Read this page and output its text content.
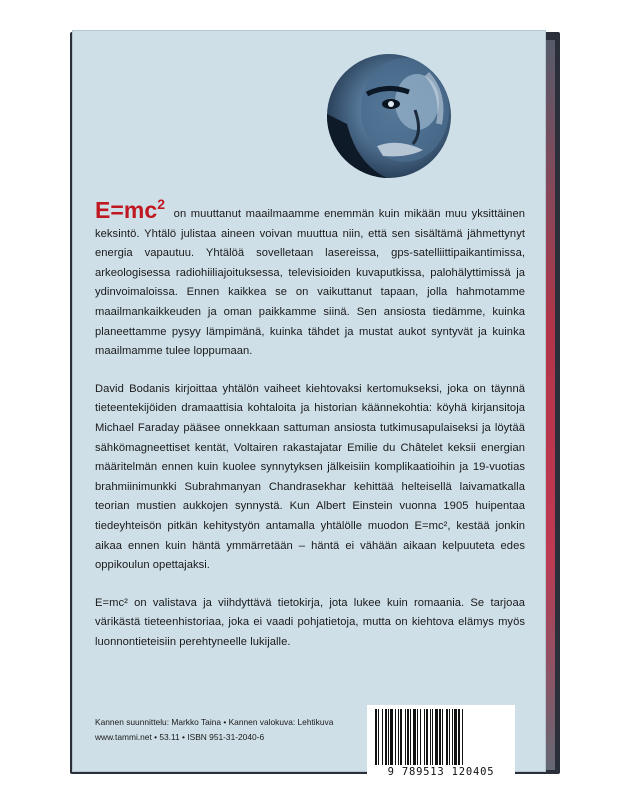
$E=mc^2$ on muuttanut maailmaamme enemmän kuin mikään muu yksittäinen keksintö. Yhtälö julistaa aineen voivan muuttua niin, että sen sisältämä jähmettynyt energia vapautuu. Yhtälöä sovelletaan lasereissa, gps-satelliittipaikantimissa, arkeologisessa radiohiiliajoituksessa, televisioiden kuvaputkissa, palohälyttimissä ja ydinvoimaloissa. Ennen kaikkea se on vaikuttanut tapaan, jolla hahmotamme maailmankaikkeuden ja oman paikkamme siinä. Sen ansiosta tiedämme, kuinka planeettamme pysyy lämpimänä, kuinka tähdet ja mustat aukot syntyvät ja kuinka maailmamme tulee loppumaan.

David Bodanis kirjoittaa yhtälön vaiheet kiehtovaksi kertomukseksi, joka on täynnä tieteentekijöiden dramaattisia kohtaloita ja historian käännekohtia: köyhä kirjansitoja Michael Faraday pääsee onnekkaan sattuman ansiosta tutkimusapulaiseksi ja löytää sähkömagneettiset kentät, Voltairen rakastajatar Emilie du Châtelet keksii energian määritelmän ennen kuin kuolee synnytyksen jälkeisiin komplikaatioihin ja 19-vuotias brahmiinimunkki Subrahmanyan Chandrasekhar kehittää helteisellä laivamatkalla teorian mustien aukkojen synnystä. Kun Albert Einstein vuonna 1905 huipentaa tiedeyhteisön pitkän kehitystyön antamalla yhtälölle muodon E=mc², kestää jonkin aikaa ennen kuin häntä ymmärretään – häntä ei vähään aikaan kelpuuteta edes oppikoulun opettajaksi.

E=mc² on valistava ja viihdyttävä tietokirja, jota lukee kuin romaania. Se tarjoaa värikästä tieteenhistoriaa, joka ei vaadi pohjatietoja, mutta on kiehtova elämys myös luonnontieteisiin perehtyneelle lukijalle.

Kannen suunnittelu: Markko Taina • Kannen valokuva: Lehtikuva
www.tammi.net • 53.11 • ISBN 951-31-2040-6
9 789513 120405
